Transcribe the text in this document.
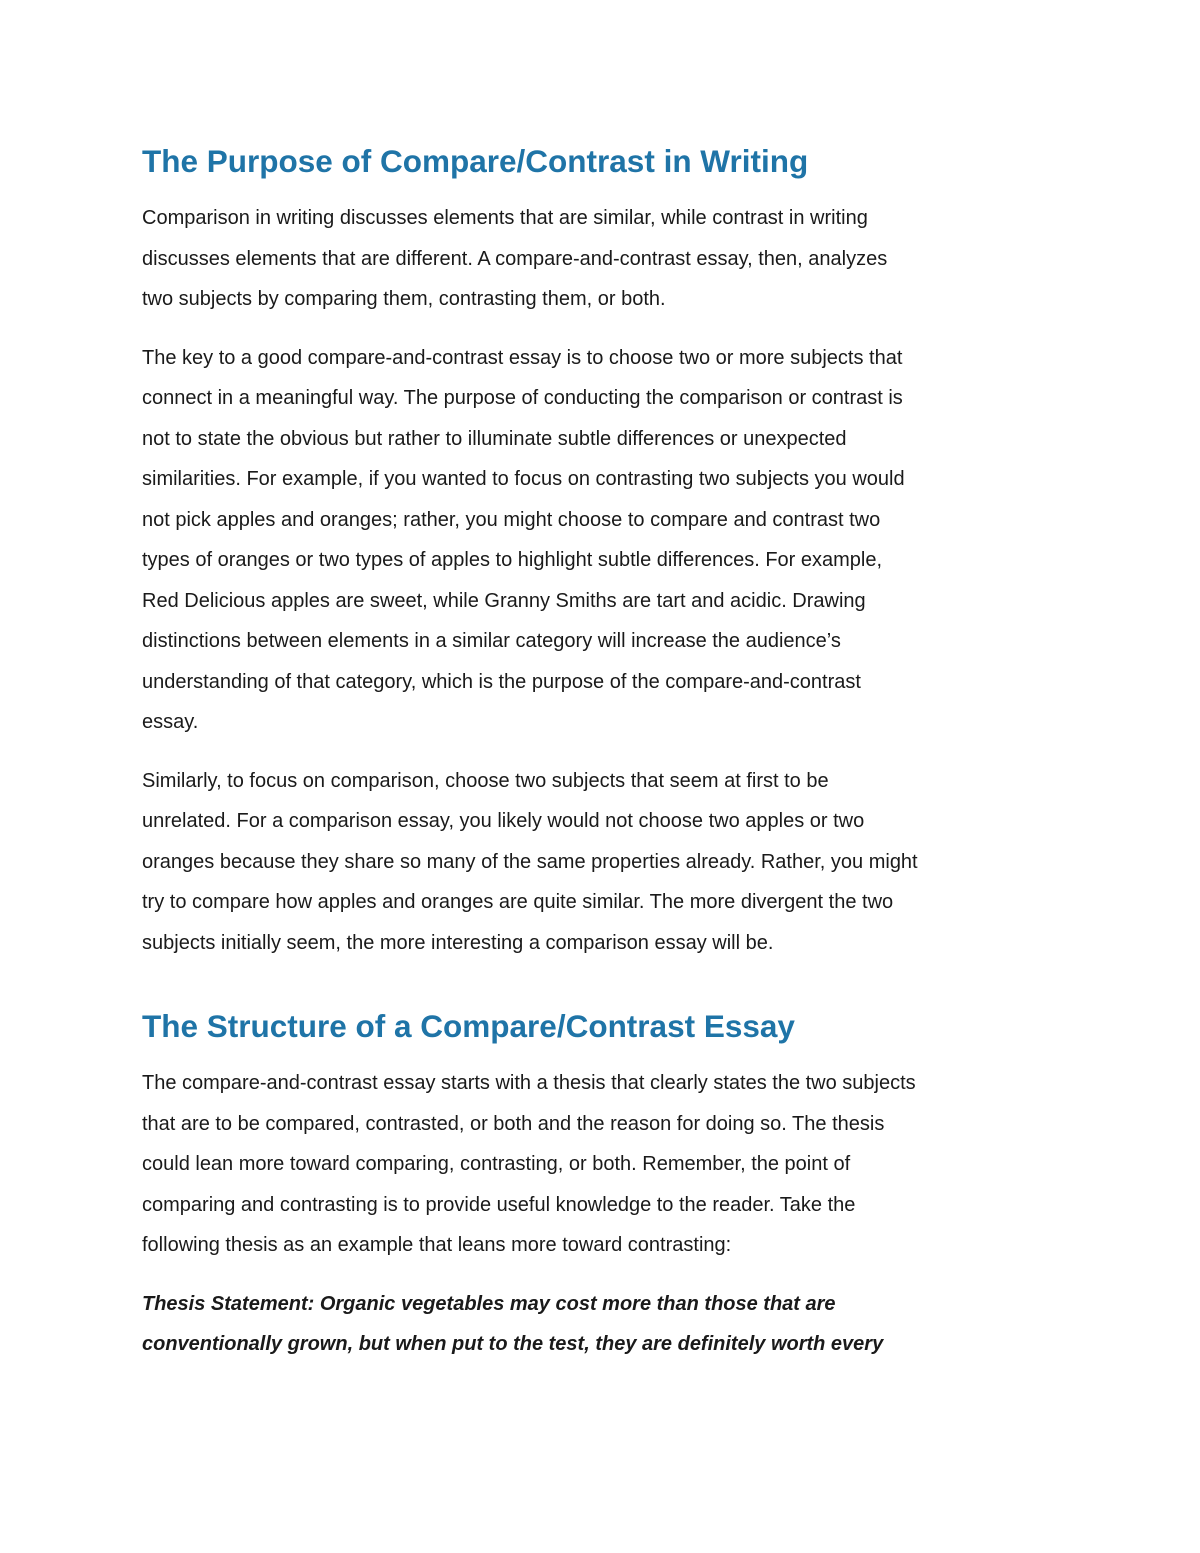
The Purpose of Compare/Contrast in Writing

Comparison in writing discusses elements that are similar, while contrast in writing
discusses elements that are different. A compare-and-contrast essay, then, analyzes
two subjects by comparing them, contrasting them, or both.

The key to a good compare-and-contrast essay is to choose two or more subjects that
connect in a meaningful way. The purpose of conducting the comparison or contrast is
not to state the obvious but rather to illuminate subtle differences or unexpected
similarities. For example, if you wanted to focus on contrasting two subjects you would
not pick apples and oranges; rather, you might choose to compare and contrast two
types of oranges or two types of apples to highlight subtle differences. For example,
Red Delicious apples are sweet, while Granny Smiths are tart and acidic. Drawing
distinctions between elements in a similar category will increase the audience’s
understanding of that category, which is the purpose of the compare-and-contrast
essay.

Similarly, to focus on comparison, choose two subjects that seem at first to be
unrelated. For a comparison essay, you likely would not choose two apples or two
oranges because they share so many of the same properties already. Rather, you might
try to compare how apples and oranges are quite similar. The more divergent the two
subjects initially seem, the more interesting a comparison essay will be.

The Structure of a Compare/Contrast Essay

The compare-and-contrast essay starts with a thesis that clearly states the two subjects
that are to be compared, contrasted, or both and the reason for doing so. The thesis
could lean more toward comparing, contrasting, or both. Remember, the point of
comparing and contrasting is to provide useful knowledge to the reader. Take the
following thesis as an example that leans more toward contrasting:

Thesis Statement: Organic vegetables may cost more than those that are
conventionally grown, but when put to the test, they are definitely worth every
